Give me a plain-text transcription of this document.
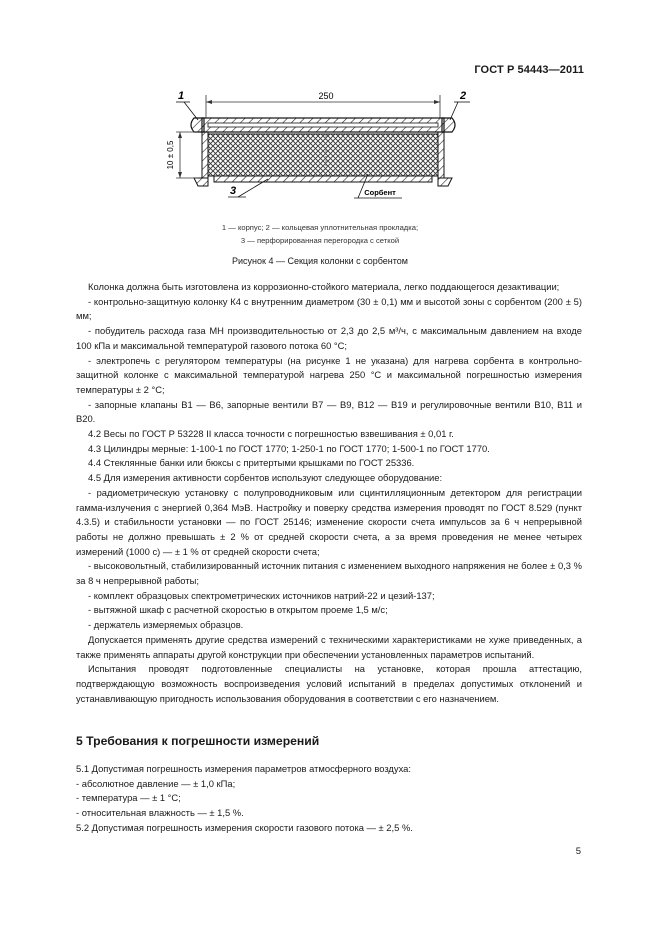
ГОСТ Р 54443—2011
250
10 ± 0,5
1	2
3	Сорбент
1 — корпус; 2 — кольцевая уплотнительная прокладка;
3 — перфорированная перегородка с сеткой
Рисунок 4 — Секция колонки с сорбентом

Колонка должна быть изготовлена из коррозионно-стойкого материала, легко поддающегося дезактивации;

- контрольно-защитную колонку К4 с внутренним диаметром (30 ± 0,1) мм и высотой зоны с сорбентом (200 ± 5) мм;

- побудитель расхода газа МН производительностью от 2,3 до 2,5 м³/ч, с максимальным давлением на входе 100 кПа и максимальной температурой газового потока 60 °С;

- электропечь с регулятором температуры (на рисунке 1 не указана) для нагрева сорбента в контрольно-защитной колонке с максимальной температурой нагрева 250 °С и максимальной погрешностью измерения температуры ± 2 °С;

- запорные клапаны В1 — В6, запорные вентили В7 — В9, В12 — В19 и регулировочные вентили В10, В11 и В20.

4.2 Весы по ГОСТ Р 53228 II класса точности с погрешностью взвешивания ± 0,01 г.

4.3 Цилиндры мерные: 1-100-1 по ГОСТ 1770; 1-250-1 по ГОСТ 1770; 1-500-1 по ГОСТ 1770.

4.4 Стеклянные банки или бюксы с притертыми крышками по ГОСТ 25336.

4.5 Для измерения активности сорбентов используют следующее оборудование:

- радиометрическую установку с полупроводниковым или сцинтилляционным детектором для регистрации гамма-излучения с энергией 0,364 МэВ. Настройку и поверку средства измерения проводят по ГОСТ 8.529 (пункт 4.3.5) и стабильности установки — по ГОСТ 25146; изменение скорости счета импульсов за 6 ч непрерывной работы не должно превышать ± 2 % от средней скорости счета, а за время проведения не менее четырех измерений (1000 с) — ± 1 % от средней скорости счета;

- высоковольтный, стабилизированный источник питания с изменением выходного напряжения не более ± 0,3 % за 8 ч непрерывной работы;

- комплект образцовых спектрометрических источников натрий-22 и цезий-137;

- вытяжной шкаф с расчетной скоростью в открытом проеме 1,5 м/с;

- держатель измеряемых образцов.

Допускается применять другие средства измерений с техническими характеристиками не хуже приведенных, а также применять аппараты другой конструкции при обеспечении установленных параметров испытаний.

Испытания проводят подготовленные специалисты на установке, которая прошла аттестацию, подтверждающую возможность воспроизведения условий испытаний в пределах допустимых отклонений и устанавливающую пригодность использования оборудования в соответствии с его назначением.

5 Требования к погрешности измерений

5.1 Допустимая погрешность измерения параметров атмосферного воздуха:

- абсолютное давление — ± 1,0 кПа;

- температура — ± 1 °С;

- относительная влажность — ± 1,5 %.

5.2 Допустимая погрешность измерения скорости газового потока — ± 2,5 %.

5
